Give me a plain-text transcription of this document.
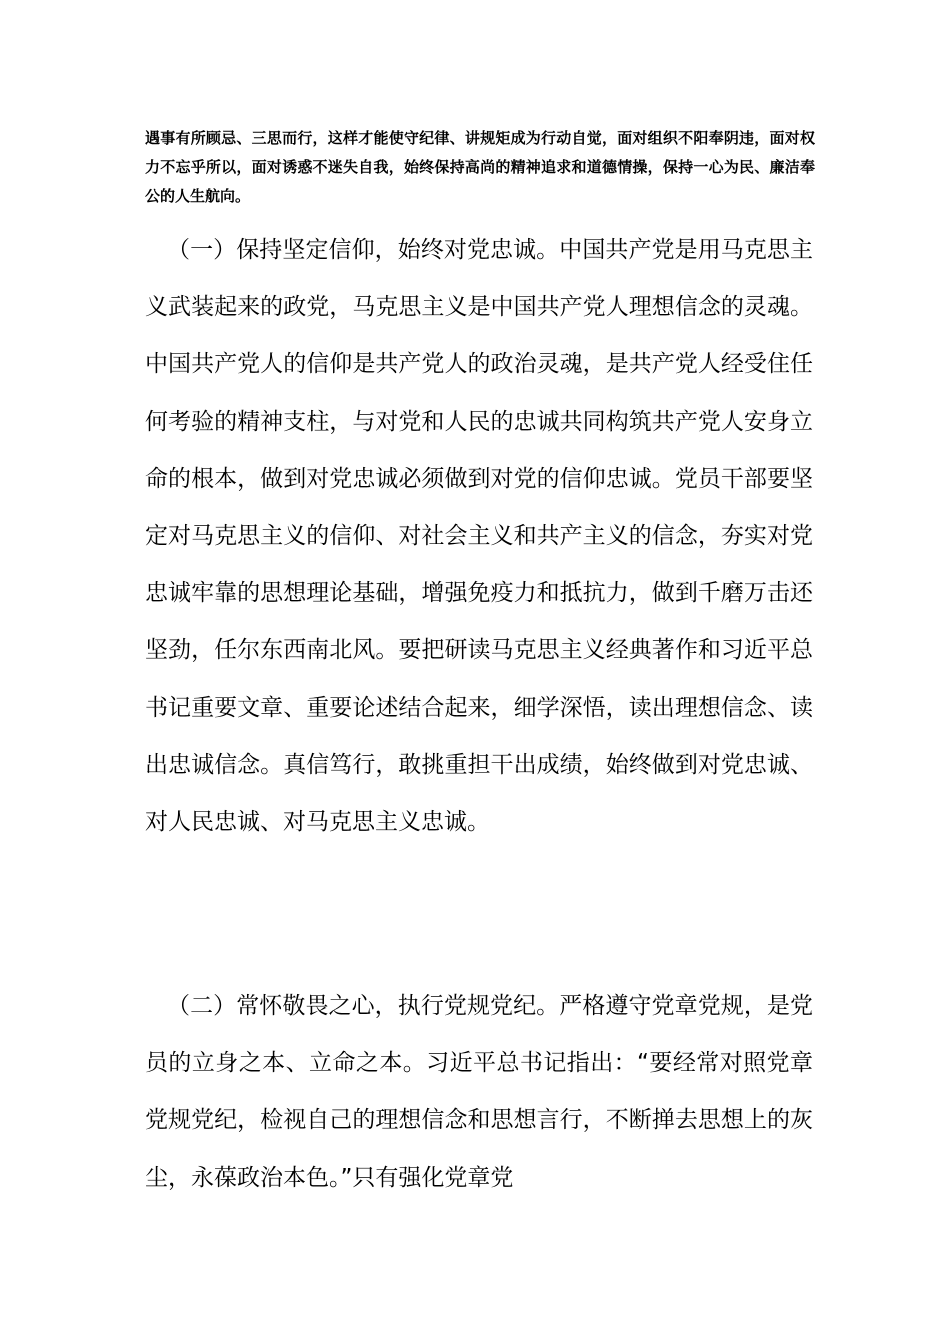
遇事有所顾忌、三思而行，这样才能使守纪律、讲规矩成为行动自觉，面对组织不阳奉阴违，面对权力不忘乎所以，面对诱惑不迷失自我，始终保持高尚的精神追求和道德情操，保持一心为民、廉洁奉公的人生航向。

（一）保持坚定信仰，始终对党忠诚。中国共产党是用马克思主义武装起来的政党，马克思主义是中国共产党人理想信念的灵魂。中国共产党人的信仰是共产党人的政治灵魂，是共产党人经受住任何考验的精神支柱，与对党和人民的忠诚共同构筑共产党人安身立命的根本，做到对党忠诚必须做到对党的信仰忠诚。党员干部要坚定对马克思主义的信仰、对社会主义和共产主义的信念，夯实对党忠诚牢靠的思想理论基础，增强免疫力和抵抗力，做到千磨万击还坚劲，任尔东西南北风。要把研读马克思主义经典著作和习近平总书记重要文章、重要论述结合起来，细学深悟，读出理想信念、读出忠诚信念。真信笃行，敢挑重担干出成绩，始终做到对党忠诚、对人民忠诚、对马克思主义忠诚。

（二）常怀敬畏之心，执行党规党纪。严格遵守党章党规，是党员的立身之本、立命之本。习近平总书记指出：“要经常对照党章党规党纪，检视自己的理想信念和思想言行，不断掸去思想上的灰尘，永葆政治本色。”只有强化党章党
